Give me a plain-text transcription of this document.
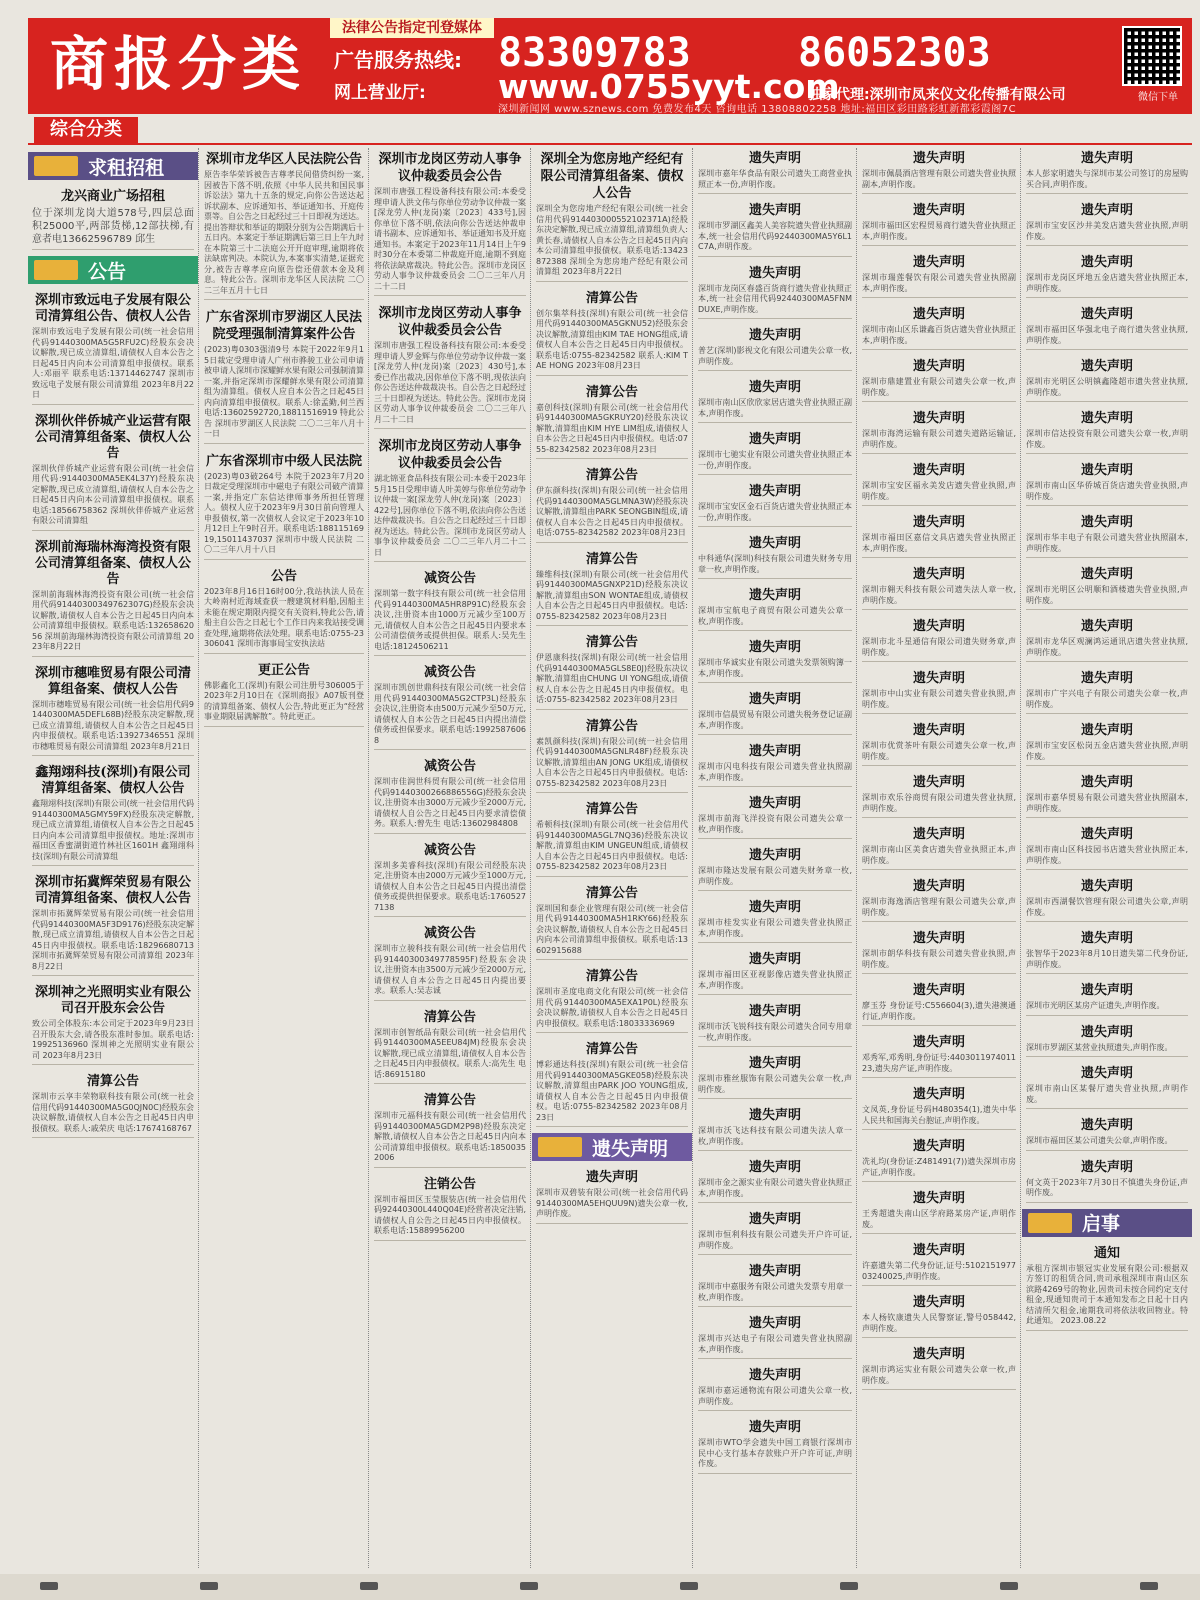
商报分类
法律公告指定刊登媒体
广告服务热线: 83309783	86052303
网上营业厅: www.0755yyt.com
独家代理:深圳市凤来仪文化传播有限公司	微信下单
深圳新闻网 www.sznews.com 免费发布4天 咨询电话 13808802258 地址:福田区彩田路彩虹新都彩霞阁7C
综合分类
求租招租
龙兴商业广场招租
位于深圳龙岗大道578号,四层总面积25000平,两部货梯,12部扶梯,有意者电13662596789 邱生
公告
深圳市致远电子发展有限公司清算组公告、债权人公告
深圳市致远电子发展有限公司(统一社会信用代码91440300MA5G5RFU2C)经股东会决议解散,现已成立清算组,请债权人自本公告之日起45日内向本公司清算组申报债权。联系人:邓丽平 联系电话:13714462747 深圳市致远电子发展有限公司清算组 2023年8月22日
深圳伙伴侨城产业运营有限公司清算组备案、债权人公告
深圳伙伴侨城产业运营有限公司(统一社会信用代码:91440300MA5EK4L37Y)经股东决定解散,现已成立清算组,请债权人自本公告之日起45日内向本公司清算组申报债权。联系电话:18566758362 深圳伙伴侨城产业运营有限公司清算组
深圳前海瑞林海湾投资有限公司清算组备案、债权人公告
深圳前海瑞林海湾投资有限公司(统一社会信用代码91440300349762307G)经股东会决议解散,请债权人自本公告之日起45日内向本公司清算组申报债权。联系电话:13265862056 深圳前海瑞林海湾投资有限公司清算组 2023年8月22日
深圳市穗唯贸易有限公司清算组备案、债权人公告
深圳市穗唯贸易有限公司(统一社会信用代码91440300MA5DEFL68B)经股东决定解散,现已成立清算组,请债权人自本公告之日起45日内申报债权。联系电话:13927346551 深圳市穗唯贸易有限公司清算组 2023年8月21日
鑫翔翊科技(深圳)有限公司清算组备案、债权人公告
鑫翔翊科技(深圳)有限公司(统一社会信用代码91440300MA5GMY59FX)经股东决定解散,现已成立清算组,请债权人自本公告之日起45日内向本公司清算组申报债权。地址:深圳市福田区香蜜湖街道竹林社区1601H 鑫翔翊科技(深圳)有限公司清算组
深圳市拓冀辉荣贸易有限公司清算组备案、债权人公告
深圳市拓冀辉荣贸易有限公司(统一社会信用代码91440300MA5F3D9176)经股东决定解散,现已成立清算组,请债权人自本公告之日起45日内申报债权。联系电话:18296680713 深圳市拓冀辉荣贸易有限公司清算组 2023年8月22日
深圳神之光照明实业有限公司召开股东会公告
致公司全体股东:本公司定于2023年9月23日召开股东大会,请各股东准时参加。联系电话:19925136960 深圳神之光照明实业有限公司 2023年8月23日
清算公告
深圳市云享丰荣物联科技有限公司(统一社会信用代码91440300MA5G0QJN0C)经股东会决议解散,请债权人自本公告之日起45日内申报债权。联系人:戚荣庆 电话:17674168767
深圳市龙华区人民法院公告
原告李华荣诉被告吉尊孝民间借贷纠纷一案,因被告下落不明,依照《中华人民共和国民事诉讼法》第九十五条的规定,向你公告送达起诉状副本、应诉通知书、举证通知书、开庭传票等。自公告之日起经过三十日即视为送达。提出答辩状和举证的期限分别为公告期满后十五日内。本案定于举证期满后第三日上午九时在本院第三十二法庭公开开庭审理,逾期将依法缺席判决。本院认为,本案事实清楚,证据充分,被告吉尊孝应向原告偿还借款本金及利息。特此公告。深圳市龙华区人民法院 二〇二三年五月十七日
广东省深圳市罗湖区人民法院受理强制清算案件公告
(2023)粤0303强清9号 本院于2022年9月15日裁定受理申请人广州市骅骏工业公司申请被申请人深圳市深耀鲜水果有限公司强制清算一案,并指定深圳市深耀鲜水果有限公司清算组为清算组。债权人应自本公告之日起45日内向清算组申报债权。联系人:徐孟勤,何兰西 电话:13602592720,18811516919 特此公告 深圳市罗湖区人民法院 二〇二三年八月十一日
广东省深圳市中级人民法院
(2023)粤03破264号 本院于2023年7月20日裁定受理深圳市中磁电子有限公司破产清算一案,并指定广东信达律师事务所担任管理人。债权人应于2023年9月30日前向管理人申报债权,第一次债权人会议定于2023年10月12日上午9时召开。联系电话:18811516919,15011437037 深圳市中级人民法院 二〇二三年八月十八日
公告
2023年8月16日16时00分,我站执法人员在大岭南村近海域查获一艘建筑材料船,因船主未能在规定期限内提交有关资料,特此公告,请船主自公告之日起七个工作日内来我站接受调查处理,逾期将依法处理。联系电话:0755-23306041 深圳市海事局宝安执法站
更正公告
佛影鑫化工(深圳)有限公司注册号306005于2023年2月10日在《深圳商报》A07版刊登的清算组备案、债权人公告,特此更正为“经营事业期限届满解散”。特此更正。
深圳市龙岗区劳动人事争议仲裁委员会公告
深圳市唐强工程设备科技有限公司:本委受理申请人洪文伟与你单位劳动争议仲裁一案[深龙劳人仲(龙岗)案〔2023〕433号],因你单位下落不明,依法向你公告送达仲裁申请书副本、应诉通知书、举证通知书及开庭通知书。本案定于2023年11月14日上午9时30分在本委第二仲裁庭开庭,逾期不到庭将依法缺席裁决。特此公告。深圳市龙岗区劳动人事争议仲裁委员会 二〇二三年八月二十二日
深圳市龙岗区劳动人事争议仲裁委员会公告
深圳市唐强工程设备科技有限公司:本委受理申请人罗金辉与你单位劳动争议仲裁一案[深龙劳人仲(龙岗)案〔2023〕430号],本委已作出裁决,因你单位下落不明,现依法向你公告送达仲裁裁决书。自公告之日起经过三十日即视为送达。特此公告。深圳市龙岗区劳动人事争议仲裁委员会 二〇二三年八月二十二日
深圳市龙岗区劳动人事争议仲裁委员会公告
湖北锦亚食品科技有限公司:本委于2023年5月15日受理申请人叶美婷与你单位劳动争议仲裁一案[深龙劳人仲(龙岗)案〔2023〕422号],因你单位下落不明,依法向你公告送达仲裁裁决书。自公告之日起经过三十日即视为送达。特此公告。深圳市龙岗区劳动人事争议仲裁委员会 二〇二三年八月二十二日
减资公告
深圳第一数字科技有限公司(统一社会信用代码91440300MA5HR8P91C)经股东会决议,注册资本由1000万元减少至100万元,请债权人自本公告之日起45日内要求本公司清偿债务或提供担保。联系人:吴先生 电话:18124506211
减资公告
深圳市凯创世鼎科技有限公司(统一社会信用代码91440300MA5G2CTP3L)经股东会决议,注册资本由500万元减少至50万元,请债权人自本公告之日起45日内提出清偿债务或担保要求。联系电话:19925876068
减资公告
深圳市佳润世科贸有限公司(统一社会信用代码91440300266886556G)经股东会决议,注册资本由3000万元减少至2000万元,请债权人自公告之日起45日内要求清偿债务。联系人:曾先生 电话:13602984808
减资公告
深圳多美睿科技(深圳)有限公司经股东决定,注册资本由2000万元减少至1000万元,请债权人自本公告之日起45日内提出清偿债务或提供担保要求。联系电话:17605277138
减资公告
深圳市立骏科技有限公司(统一社会信用代码91440300349778595F)经股东会决议,注册资本由3500万元减少至2000万元,请债权人自本公告之日起45日内提出要求。联系人:吴志诚
清算公告
深圳市创智纸品有限公司(统一社会信用代码91440300MA5EEU84JM)经股东会决议解散,现已成立清算组,请债权人自本公告之日起45日内申报债权。联系人:高先生 电话:86915180
清算公告
深圳市元福科技有限公司(统一社会信用代码91440300MA5GDM2P98)经股东决定解散,请债权人自本公告之日起45日内向本公司清算组申报债权。联系电话:18500352006
注销公告
深圳市福田区玉莹服装店(统一社会信用代码92440300L440Q04E)经营者决定注销,请债权人自公告之日起45日内申报债权。联系电话:15889956200
深圳全为您房地产经纪有限公司清算组备案、债权人公告
深圳全为您房地产经纪有限公司(统一社会信用代码91440300055210237​1A)经股东决定解散,现已成立清算组,清算组负责人:黄长春,请债权人自本公告之日起45日内向本公司清算组申报债权。联系电话:13423872388 深圳全为您房地产经纪有限公司清算组 2023年8月22日
清算公告
创尔集萃科技(深圳)有限公司(统一社会信用代码91440300MA5GKNU52)经股东会决议解散,清算组由KIM TAE HONG组成,请债权人自本公告之日起45日内申报债权。联系电话:0755-82342582 联系人:KIM TAE HONG 2023年08月23日
清算公告
嘉创科技(深圳)有限公司(统一社会信用代码91440300MA5GKRUY20)经股东决议解散,清算组由KIM HYE LIM组成,请债权人自本公告之日起45日内申报债权。电话:0755-82342582 2023年08月23日
清算公告
伊东颜科技(深圳)有限公司(统一社会信用代码91440300MA5GLMNA3W)经股东决议解散,清算组由PARK SEONGBIN组成,请债权人自本公告之日起45日内申报债权。电话:0755-82342582 2023年08月23日
清算公告
臻维科技(深圳)有限公司(统一社会信用代码91440300MA5GNXP21D)经股东决议解散,清算组由SON WONTAE组成,请债权人自本公告之日起45日内申报债权。电话:0755-82342582 2023年08月23日
清算公告
伊恩康科技(深圳)有限公司(统一社会信用代码91440300MA5GLS8E0J)经股东决议解散,清算组由CHUNG UI YONG组成,请债权人自本公告之日起45日内申报债权。电话:0755-82342582 2023年08月23日
清算公告
素凯颜科技(深圳)有限公司(统一社会信用代码91440300MA5GNLR48F)经股东决议解散,清算组由AN JONG UK组成,请债权人自本公告之日起45日内申报债权。电话:0755-82342582 2023年08月23日
清算公告
希顿科技(深圳)有限公司(统一社会信用代码91440300MA5GL7NQ36)经股东决议解散,清算组由KIM UNGEUN组成,请债权人自本公告之日起45日内申报债权。电话:0755-82342582 2023年08月23日
清算公告
深圳国和泰企业管理有限公司(统一社会信用代码91440300MA5H1RKY66)经股东会决议解散,请债权人自本公告之日起45日内向本公司清算组申报债权。联系电话:13602915688
清算公告
深圳市圣度电商文化有限公司(统一社会信用代码91440300MA5EXA1P0L)经股东会决议解散,请债权人自本公告之日起45日内申报债权。联系电话:18033336969
清算公告
博彩通达科技(深圳)有限公司(统一社会信用代码91440300MA5GKE058)经股东决议解散,清算组由PARK JOO YOUNG组成,请债权人自本公告之日起45日内申报债权。电话:0755-82342582 2023年08月23日
遗失声明
遗失声明
深圳市双碧装有限公司(统一社会信用代码91440300MA5EHQUU9N)遗失公章一枚,声明作废。
遗失声明
深圳市嘉年华食品有限公司遗失工商营业执照正本一份,声明作废。
遗失声明
深圳市罗湖区鑫美人美容院遗失营业执照副本,统一社会信用代码92440300MA5Y6L1C7A,声明作废。
遗失声明
深圳市龙岗区春盛百货商行遗失营业执照正本,统一社会信用代码92440300MA5FNMDUXE,声明作废。
遗失声明
普艺(深圳)影视文化有限公司遗失公章一枚,声明作废。
遗失声明
深圳市南山区欣欣家居店遗失营业执照正副本,声明作废。
遗失声明
深圳市七驰实业有限公司遗失营业执照正本一份,声明作废。
遗失声明
深圳市宝安区金石百货店遗失营业执照正本一份,声明作废。
遗失声明
中科通华(深圳)科技有限公司遗失财务专用章一枚,声明作废。
遗失声明
深圳市宝航电子商贸有限公司遗失公章一枚,声明作废。
遗失声明
深圳市华诚实业有限公司遗失发票领购簿一本,声明作废。
遗失声明
深圳市信晨贸易有限公司遗失税务登记证副本,声明作废。
遗失声明
深圳市闪电科技有限公司遗失营业执照副本,声明作废。
遗失声明
深圳市前海飞洋投资有限公司遗失公章一枚,声明作废。
遗失声明
深圳市隆达发展有限公司遗失财务章一枚,声明作废。
遗失声明
深圳市桂发实业有限公司遗失营业执照正本,声明作废。
遗失声明
深圳市福田区亚视影像店遗失营业执照正本,声明作废。
遗失声明
深圳市沃飞锐科技有限公司遗失合同专用章一枚,声明作废。
遗失声明
深圳市雅丝服饰有限公司遗失公章一枚,声明作废。
遗失声明
深圳市沃飞达科技有限公司遗失法人章一枚,声明作废。
遗失声明
深圳市金之源实业有限公司遗失营业执照正本,声明作废。
遗失声明
深圳市恒利科技有限公司遗失开户许可证,声明作废。
遗失声明
深圳市中嘉服务有限公司遗失发票专用章一枚,声明作废。
遗失声明
深圳市兴达电子有限公司遗失营业执照副本,声明作废。
遗失声明
深圳市嘉运通物流有限公司遗失公章一枚,声明作废。
遗失声明
深圳市WTO学会遗失中国工商银行深圳市民中心支行基本存款账户开户许可证,声明作废。
遗失声明
深圳市佩晨酒店管理有限公司遗失营业执照副本,声明作废。
遗失声明
深圳市福田区宏程贸易商行遗失营业执照正本,声明作废。
遗失声明
深圳市瑞莲餐饮有限公司遗失营业执照副本,声明作废。
遗失声明
深圳市南山区乐谦鑫百货店遗失营业执照正本,声明作废。
遗失声明
深圳市鼎建置业有限公司遗失公章一枚,声明作废。
遗失声明
深圳市海湾运输有限公司遗失道路运输证,声明作废。
遗失声明
深圳市宝安区福永美发店遗失营业执照,声明作废。
遗失声明
深圳市福田区嘉信文具店遗失营业执照正本,声明作废。
遗失声明
深圳市翱天科技有限公司遗失法人章一枚,声明作废。
遗失声明
深圳市北斗星通信有限公司遗失财务章,声明作废。
遗失声明
深圳市中山实业有限公司遗失营业执照,声明作废。
遗失声明
深圳市优赏茶叶有限公司遗失公章一枚,声明作废。
遗失声明
深圳市欢乐谷商贸有限公司遗失营业执照,声明作废。
遗失声明
深圳市南山区美食店遗失营业执照正本,声明作废。
遗失声明
深圳市海逸酒店管理有限公司遗失公章,声明作废。
遗失声明
深圳市朗华科技有限公司遗失营业执照,声明作废。
遗失声明
廖玉芬 身份证号:C556604(3),遗失港澳通行证,声明作废。
遗失声明
邓秀军,邓秀明,身份证号:440301197401123,遗失房产证,声明作废。
遗失声明
文凤英,身份证号码H480354(1),遗失中华人民共和国海关台胞证,声明作废。
遗失声明
冼礼均(身份证:Z481491(7))遗失深圳市房产证,声明作废。
遗失声明
王秀超遗失南山区学府路某房产证,声明作废。
遗失声明
许嘉遗失第二代身份证,证号:510215197703240025,声明作废。
遗失声明
本人杨钦康遗失人民警察证,警号058442,声明作废。
遗失声明
深圳市鸿运实业有限公司遗失公章一枚,声明作废。
遗失声明
本人彭家明遗失与深圳市某公司签订的房屋购买合同,声明作废。
遗失声明
深圳市宝安区沙井美发店遗失营业执照,声明作废。
遗失声明
深圳市龙岗区坪地五金店遗失营业执照正本,声明作废。
遗失声明
深圳市福田区华强北电子商行遗失营业执照,声明作废。
遗失声明
深圳市光明区公明镇鑫隆超市遗失营业执照,声明作废。
遗失声明
深圳市信达投资有限公司遗失公章一枚,声明作废。
遗失声明
深圳市南山区华侨城百货店遗失营业执照,声明作废。
遗失声明
深圳市华丰电子有限公司遗失营业执照副本,声明作废。
遗失声明
深圳市光明区公明顺和酒楼遗失营业执照,声明作废。
遗失声明
深圳市龙华区观澜鸿运通讯店遗失营业执照,声明作废。
遗失声明
深圳市广宇兴电子有限公司遗失公章一枚,声明作废。
遗失声明
深圳市宝安区松岗五金店遗失营业执照,声明作废。
遗失声明
深圳市嘉华贸易有限公司遗失营业执照副本,声明作废。
遗失声明
深圳市南山区科技园书店遗失营业执照正本,声明作废。
遗失声明
深圳市西湖餐饮管理有限公司遗失公章,声明作废。
遗失声明
张智华于2023年8月10日遗失第二代身份证,声明作废。
遗失声明
深圳市光明区某房产证遗失,声明作废。
遗失声明
深圳市罗湖区某营业执照遗失,声明作废。
遗失声明
深圳市南山区某餐厅遗失营业执照,声明作废。
遗失声明
深圳市福田区某公司遗失公章,声明作废。
遗失声明
何文英于2023年7月30日不慎遗失身份证,声明作废。
启事
通知
承租方深圳市银冠实业发展有限公司:根据双方签订的租赁合同,贵司承租深圳市南山区东滨路4269号的物业,因贵司未按合同约定支付租金,现通知贵司于本通知发布之日起十日内结清所欠租金,逾期我司将依法收回物业。特此通知。 2023.08.22
